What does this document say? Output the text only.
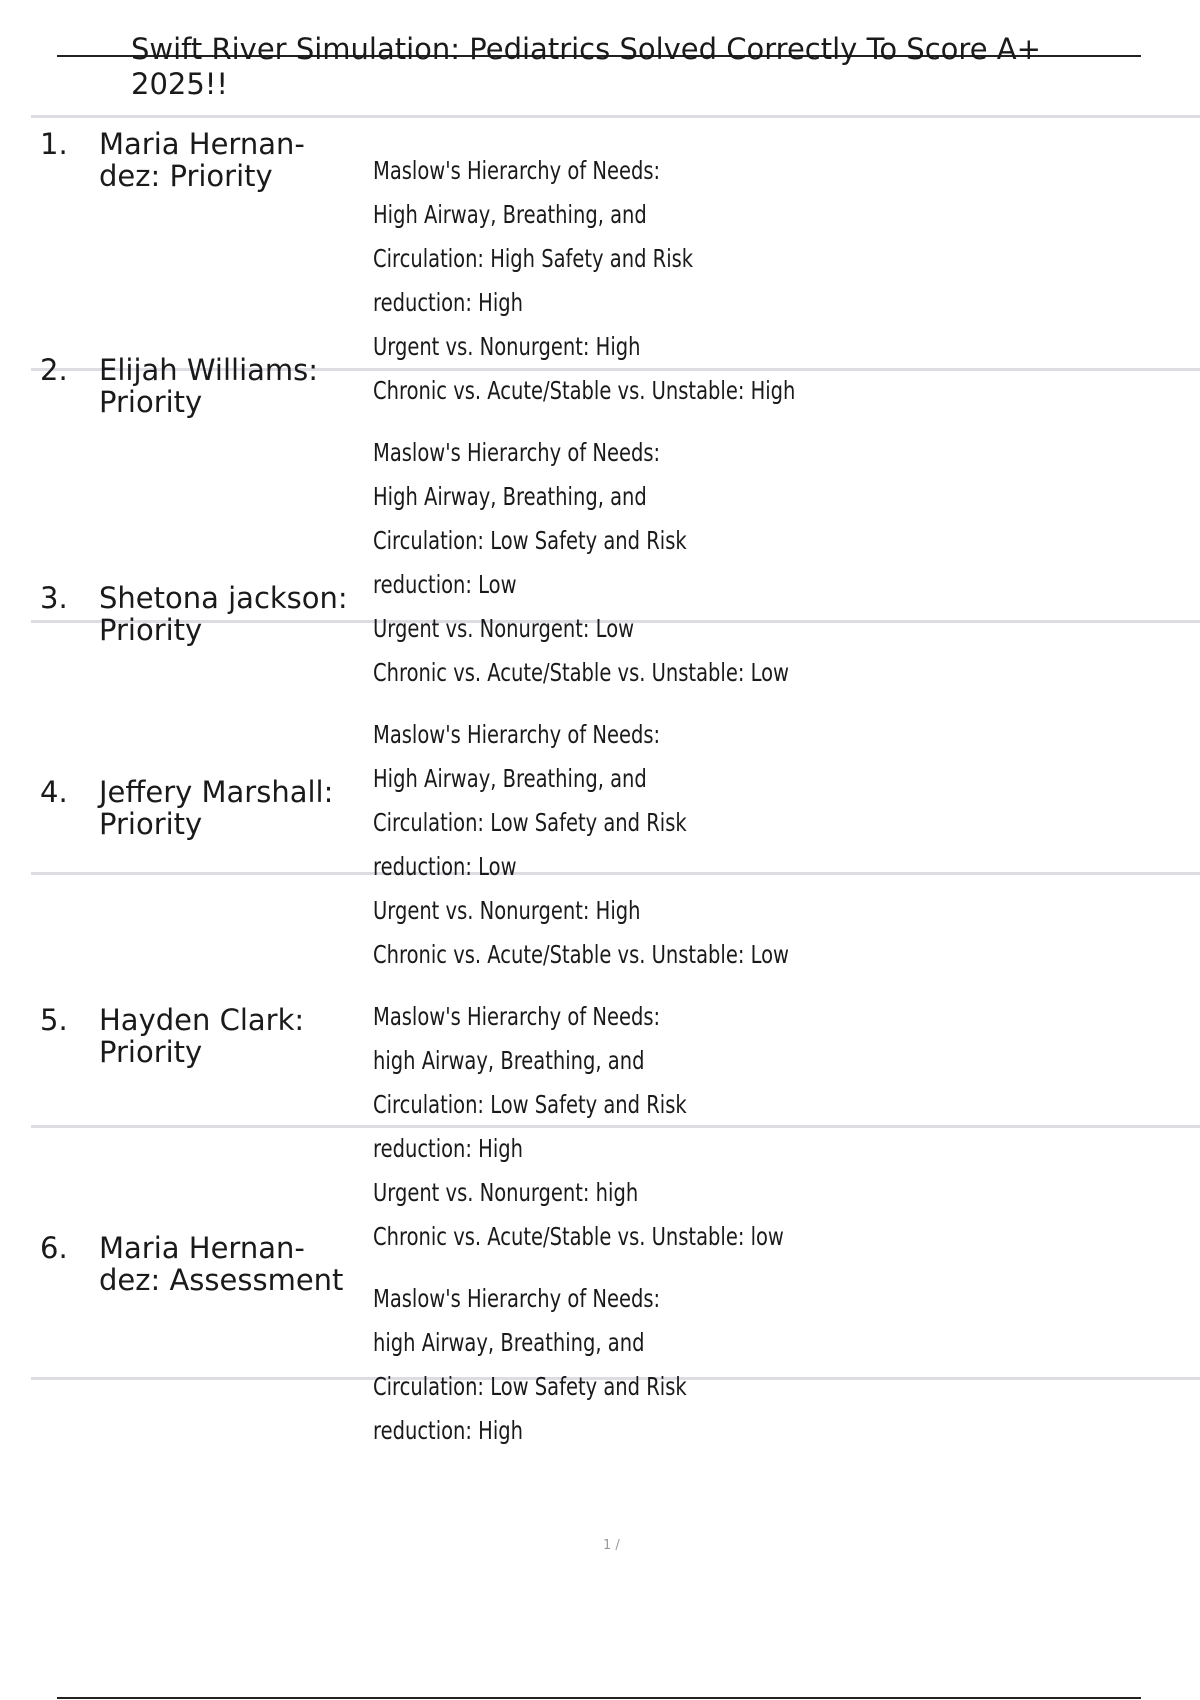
Swift River Simulation: Pediatrics Solved Correctly To Score A+
2025!!
1. Maria Hernan- dez: Priority
2. Elijah Williams: Priority
3. Shetona jackson: Priority
4. Jeffery Marshall: Priority
5. Hayden Clark: Priority
6. Maria Hernan- dez: Assessment
Maslow's Hierarchy of Needs:
High Airway, Breathing, and
Circulation: High Safety and Risk
reduction: High
Urgent vs. Nonurgent: High
Chronic vs. Acute/Stable vs. Unstable: High
Maslow's Hierarchy of Needs:
High Airway, Breathing, and
Circulation: Low Safety and Risk
reduction: Low
Urgent vs. Nonurgent: Low
Chronic vs. Acute/Stable vs. Unstable: Low
Maslow's Hierarchy of Needs:
High Airway, Breathing, and
Circulation: Low Safety and Risk
reduction: Low
Urgent vs. Nonurgent: High
Chronic vs. Acute/Stable vs. Unstable: Low
Maslow's Hierarchy of Needs:
high Airway, Breathing, and
Circulation: Low Safety and Risk
reduction: High
Urgent vs. Nonurgent: high
Chronic vs. Acute/Stable vs. Unstable: low
Maslow's Hierarchy of Needs:
high Airway, Breathing, and
Circulation: Low Safety and Risk
reduction: High
1 /
